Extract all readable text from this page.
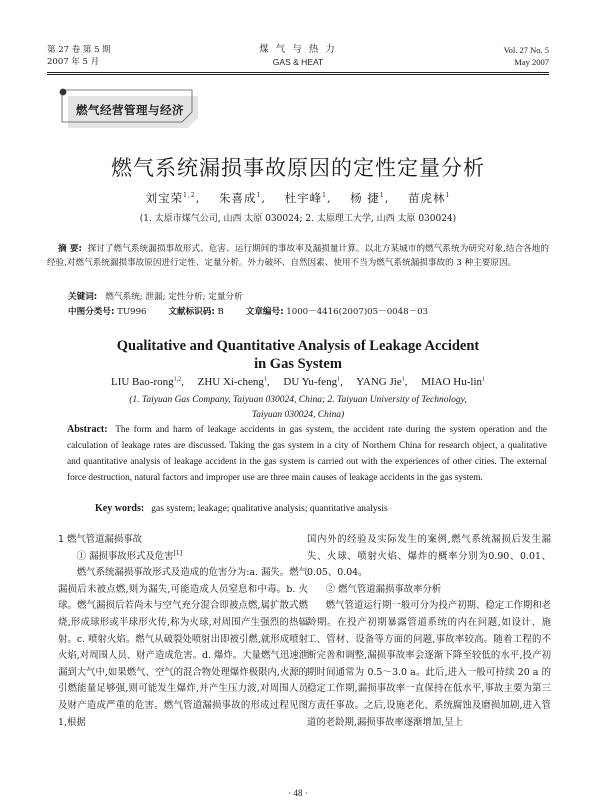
第 27 卷 第 5 期
2007 年 5 月
煤 气 与 热 力
GAS & HEAT
Vol. 27 No. 5
May 2007
燃气经营管理与经济
燃气系统漏损事故原因的定性定量分析
刘宝荣$^{1,2}$,    朱喜成$^1$,    杜宇峰$^1$,    杨 捷$^1$,    苗虎林$^1$
(1. 太原市煤气公司, 山西 太原 030024; 2. 太原理工大学, 山西 太原 030024)
摘 要: 探讨了燃气系统漏损事故形式、危害、运行期间的事故率及漏损量计算。以北方某城市的燃气系统为研究对象,结合各地的经验,对燃气系统漏损事故原因进行定性、定量分析。外力破坏、自然因素、使用不当为燃气系统漏损事故的 3 种主要原因。
关键词: 燃气系统; 泄漏; 定性分析; 定量分析
中图分类号: TU996	文献标识码: B	文章编号: 1000－4416(2007)05－0048－03
Qualitative and Quantitative Analysis of Leakage Accident
in Gas System
LIU Bao-rong$^{1,2}$,     ZHU Xi-cheng$^1$,     DU Yu-feng$^1$,     YANG Jie$^1$,     MIAO Hu-lin$^1$
(1. Taiyuan Gas Company, Taiyuan 030024, China; 2. Taiyuan University of Technology,
Taiyuan 030024, China)
Abstract: The form and harm of leakage accidents in gas system, the accident rate during the system operation and the calculation of leakage rates are discussed. Taking the gas system in a city of Northern China for research object, a qualitative and quantitative analysis of leakage accident in the gas system is carried out with the experiences of other cities. The external force destruction, natural factors and improper use are three main causes of leakage accidents in the gas system.
Key words: gas system; leakage; qualitative analysis; quantitative analysis

1 燃气管道漏损事故

① 漏损事故形式及危害[1]

燃气系统漏损事故形式及造成的危害分为:a. 漏失。燃气漏损后未被点燃,则为漏失,可能造成人员窒息和中毒。b. 火球。燃气漏损后若尚未与空气充分混合即被点燃,属扩散式燃烧,形成球形或半球形火传,称为火球,对周围产生强烈的热辐射。c. 喷射火焰。燃气从破裂处喷射出即被引燃,就形成喷射火焰,对周围人员、财产造成危害。d. 爆炸。大量燃气迅速泄漏到大气中,如果燃气、空气的混合物处理爆炸极限内,火源的引燃能量足够强,则可能发生爆炸,并产生压力波,对周围人员及财产造成严重的危害。燃气管道漏损事故的形成过程见图 1,根据

国内外的经验及实际发生的案例,燃气系统漏损后发生漏失、火球、喷射火焰、爆炸的概率分别为0.90、0.01、0.05、0.04。

② 燃气管道漏损事故率分析

燃气管道运行期一般可分为投产初期、稳定工作期和老龄期。在投产初期暴露管道系统的内在问题,如设计、施工、管材、设备等方面的问题,事故率较高。随着工程的不断完善和调整,漏损事故率会逐渐下降至较低的水平,投产初期时间通常为 0.5～3.0 a。此后,进入一般可持续 20 a 的稳定工作期,漏损事故率一直保持在低水平,事故主要为第三方责任事故。之后,设施老化、系统腐蚀及磨损加剧,进入管道的老龄期,漏损事故率逐渐增加,呈上

· 48 ·
